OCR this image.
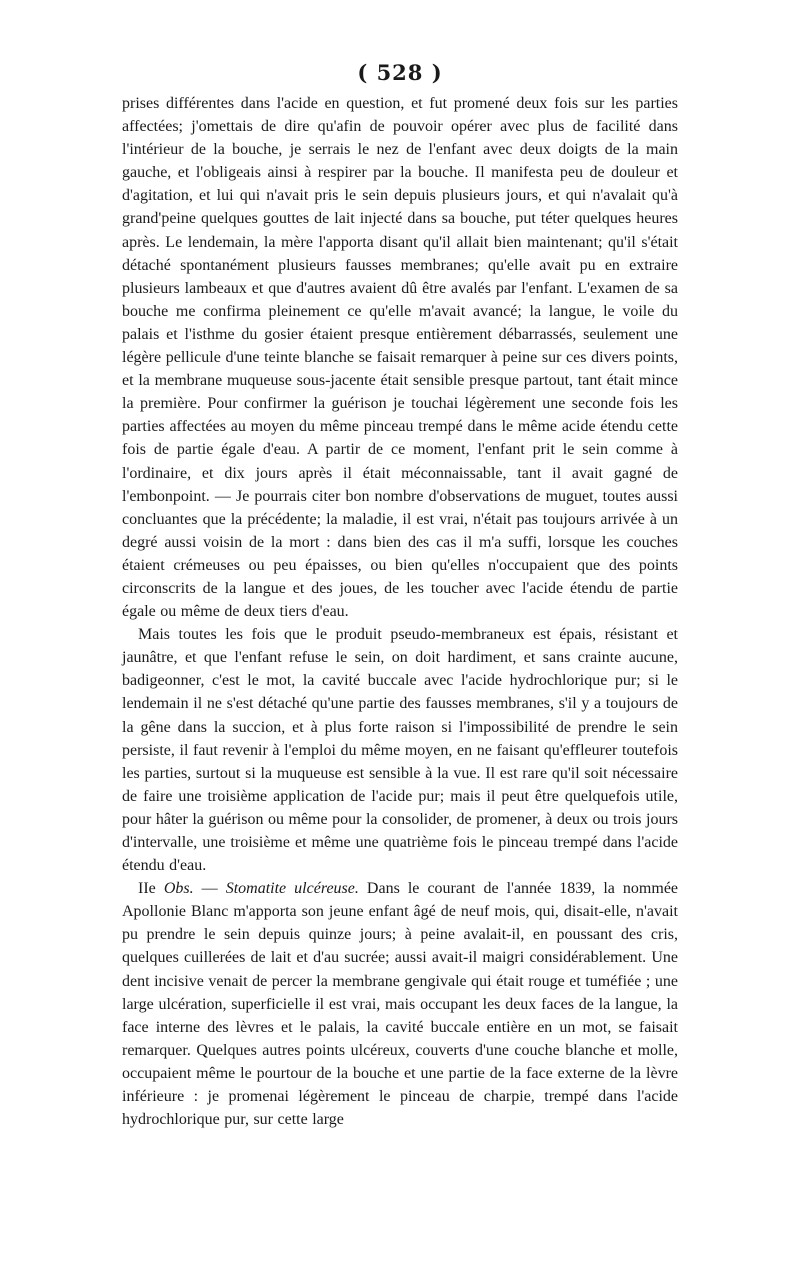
( 528 )

prises différentes dans l'acide en question, et fut promené deux fois sur les parties affectées; j'omettais de dire qu'afin de pouvoir opérer avec plus de facilité dans l'intérieur de la bouche, je serrais le nez de l'enfant avec deux doigts de la main gauche, et l'obligeais ainsi à respirer par la bouche. Il manifesta peu de douleur et d'agitation, et lui qui n'avait pris le sein depuis plusieurs jours, et qui n'avalait qu'à grand'peine quelques gouttes de lait injecté dans sa bouche, put téter quelques heures après. Le lendemain, la mère l'apporta disant qu'il allait bien maintenant; qu'il s'était détaché spontanément plusieurs fausses membranes; qu'elle avait pu en extraire plusieurs lambeaux et que d'autres avaient dû être avalés par l'enfant. L'examen de sa bouche me confirma pleinement ce qu'elle m'avait avancé; la langue, le voile du palais et l'isthme du gosier étaient presque entièrement débarrassés, seulement une légère pellicule d'une teinte blanche se faisait remarquer à peine sur ces divers points, et la membrane muqueuse sous-jacente était sensible presque partout, tant était mince la première. Pour confirmer la guérison je touchai légèrement une seconde fois les parties affectées au moyen du même pinceau trempé dans le même acide étendu cette fois de partie égale d'eau. A partir de ce moment, l'enfant prit le sein comme à l'ordinaire, et dix jours après il était méconnaissable, tant il avait gagné de l'embonpoint. — Je pourrais citer bon nombre d'observations de muguet, toutes aussi concluantes que la précédente; la maladie, il est vrai, n'était pas toujours arrivée à un degré aussi voisin de la mort : dans bien des cas il m'a suffi, lorsque les couches étaient crémeuses ou peu épaisses, ou bien qu'elles n'occupaient que des points circonscrits de la langue et des joues, de les toucher avec l'acide étendu de partie égale ou même de deux tiers d'eau.

Mais toutes les fois que le produit pseudo-membraneux est épais, résistant et jaunâtre, et que l'enfant refuse le sein, on doit hardiment, et sans crainte aucune, badigeonner, c'est le mot, la cavité buccale avec l'acide hydrochlorique pur; si le lendemain il ne s'est détaché qu'une partie des fausses membranes, s'il y a toujours de la gêne dans la succion, et à plus forte raison si l'impossibilité de prendre le sein persiste, il faut revenir à l'emploi du même moyen, en ne faisant qu'effleurer toutefois les parties, surtout si la muqueuse est sensible à la vue. Il est rare qu'il soit nécessaire de faire une troisième application de l'acide pur; mais il peut être quelquefois utile, pour hâter la guérison ou même pour la consolider, de promener, à deux ou trois jours d'intervalle, une troisième et même une quatrième fois le pinceau trempé dans l'acide étendu d'eau.

IIe Obs. — Stomatite ulcéreuse. Dans le courant de l'année 1839, la nommée Apollonie Blanc m'apporta son jeune enfant âgé de neuf mois, qui, disait-elle, n'avait pu prendre le sein depuis quinze jours; à peine avalait-il, en poussant des cris, quelques cuillerées de lait et d'au sucrée; aussi avait-il maigri considérablement. Une dent incisive venait de percer la membrane gengivale qui était rouge et tuméfiée ; une large ulcération, superficielle il est vrai, mais occupant les deux faces de la langue, la face interne des lèvres et le palais, la cavité buccale entière en un mot, se faisait remarquer. Quelques autres points ulcéreux, couverts d'une couche blanche et molle, occupaient même le pourtour de la bouche et une partie de la face externe de la lèvre inférieure : je promenai légèrement le pinceau de charpie, trempé dans l'acide hydrochlorique pur, sur cette large
